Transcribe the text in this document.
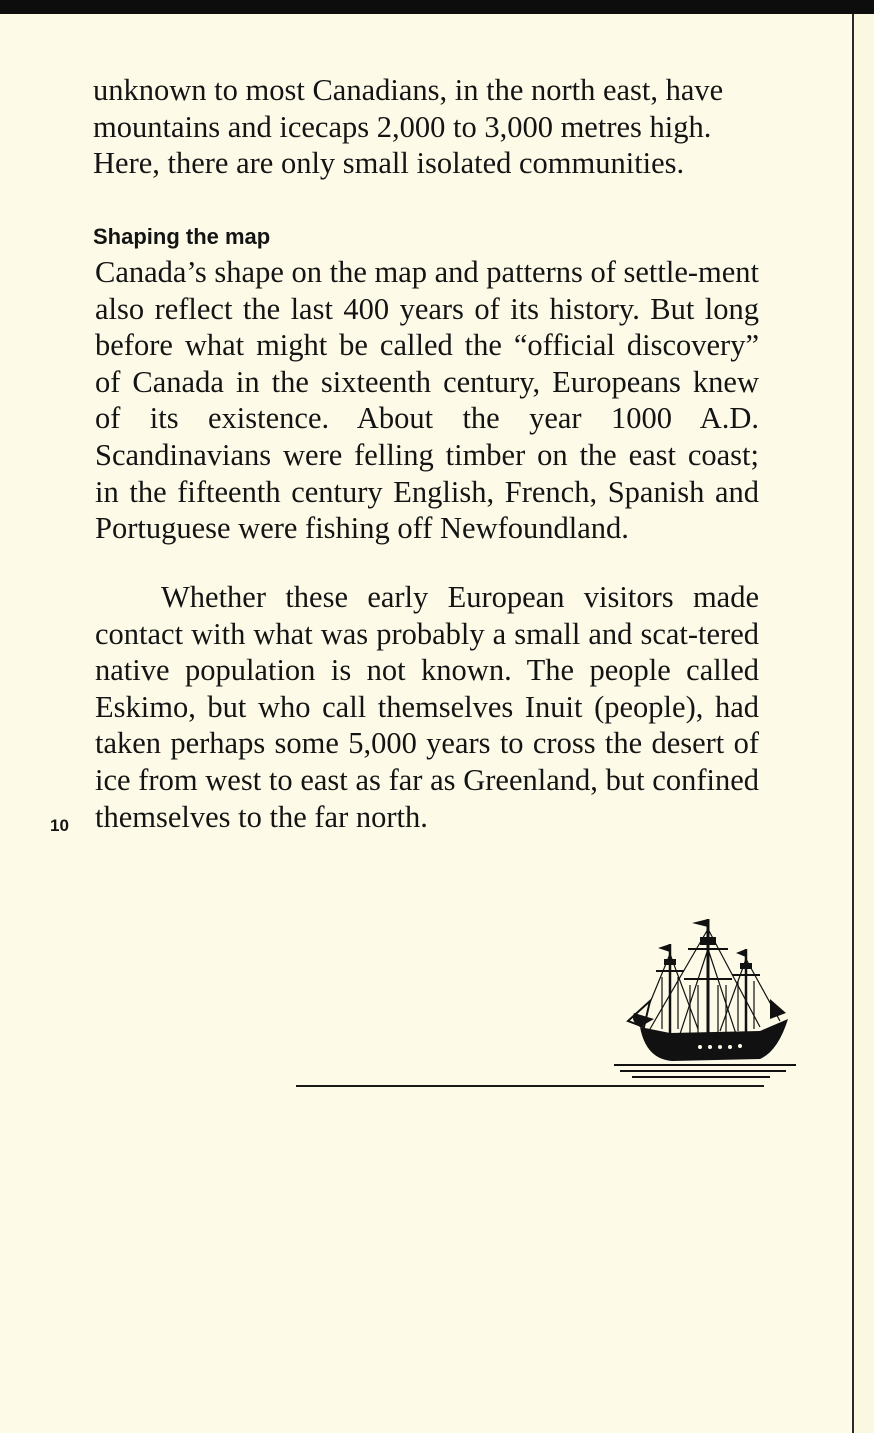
unknown to most Canadians, in the north east, have mountains and icecaps 2,000 to 3,000 metres high. Here, there are only small isolated communities.

Shaping the map

Canada’s shape on the map and patterns of settle-ment also reflect the last 400 years of its history. But long before what might be called the “official discovery” of Canada in the sixteenth century, Europeans knew of its existence. About the year 1000 A.D. Scandinavians were felling timber on the east coast; in the fifteenth century English, French, Spanish and Portuguese were fishing off Newfoundland.

Whether these early European visitors made contact with what was probably a small and scat-tered native population is not known. The people called Eskimo, but who call themselves Inuit (people), had taken perhaps some 5,000 years to cross the desert of ice from west to east as far as Greenland, but confined themselves to the far north.

10
